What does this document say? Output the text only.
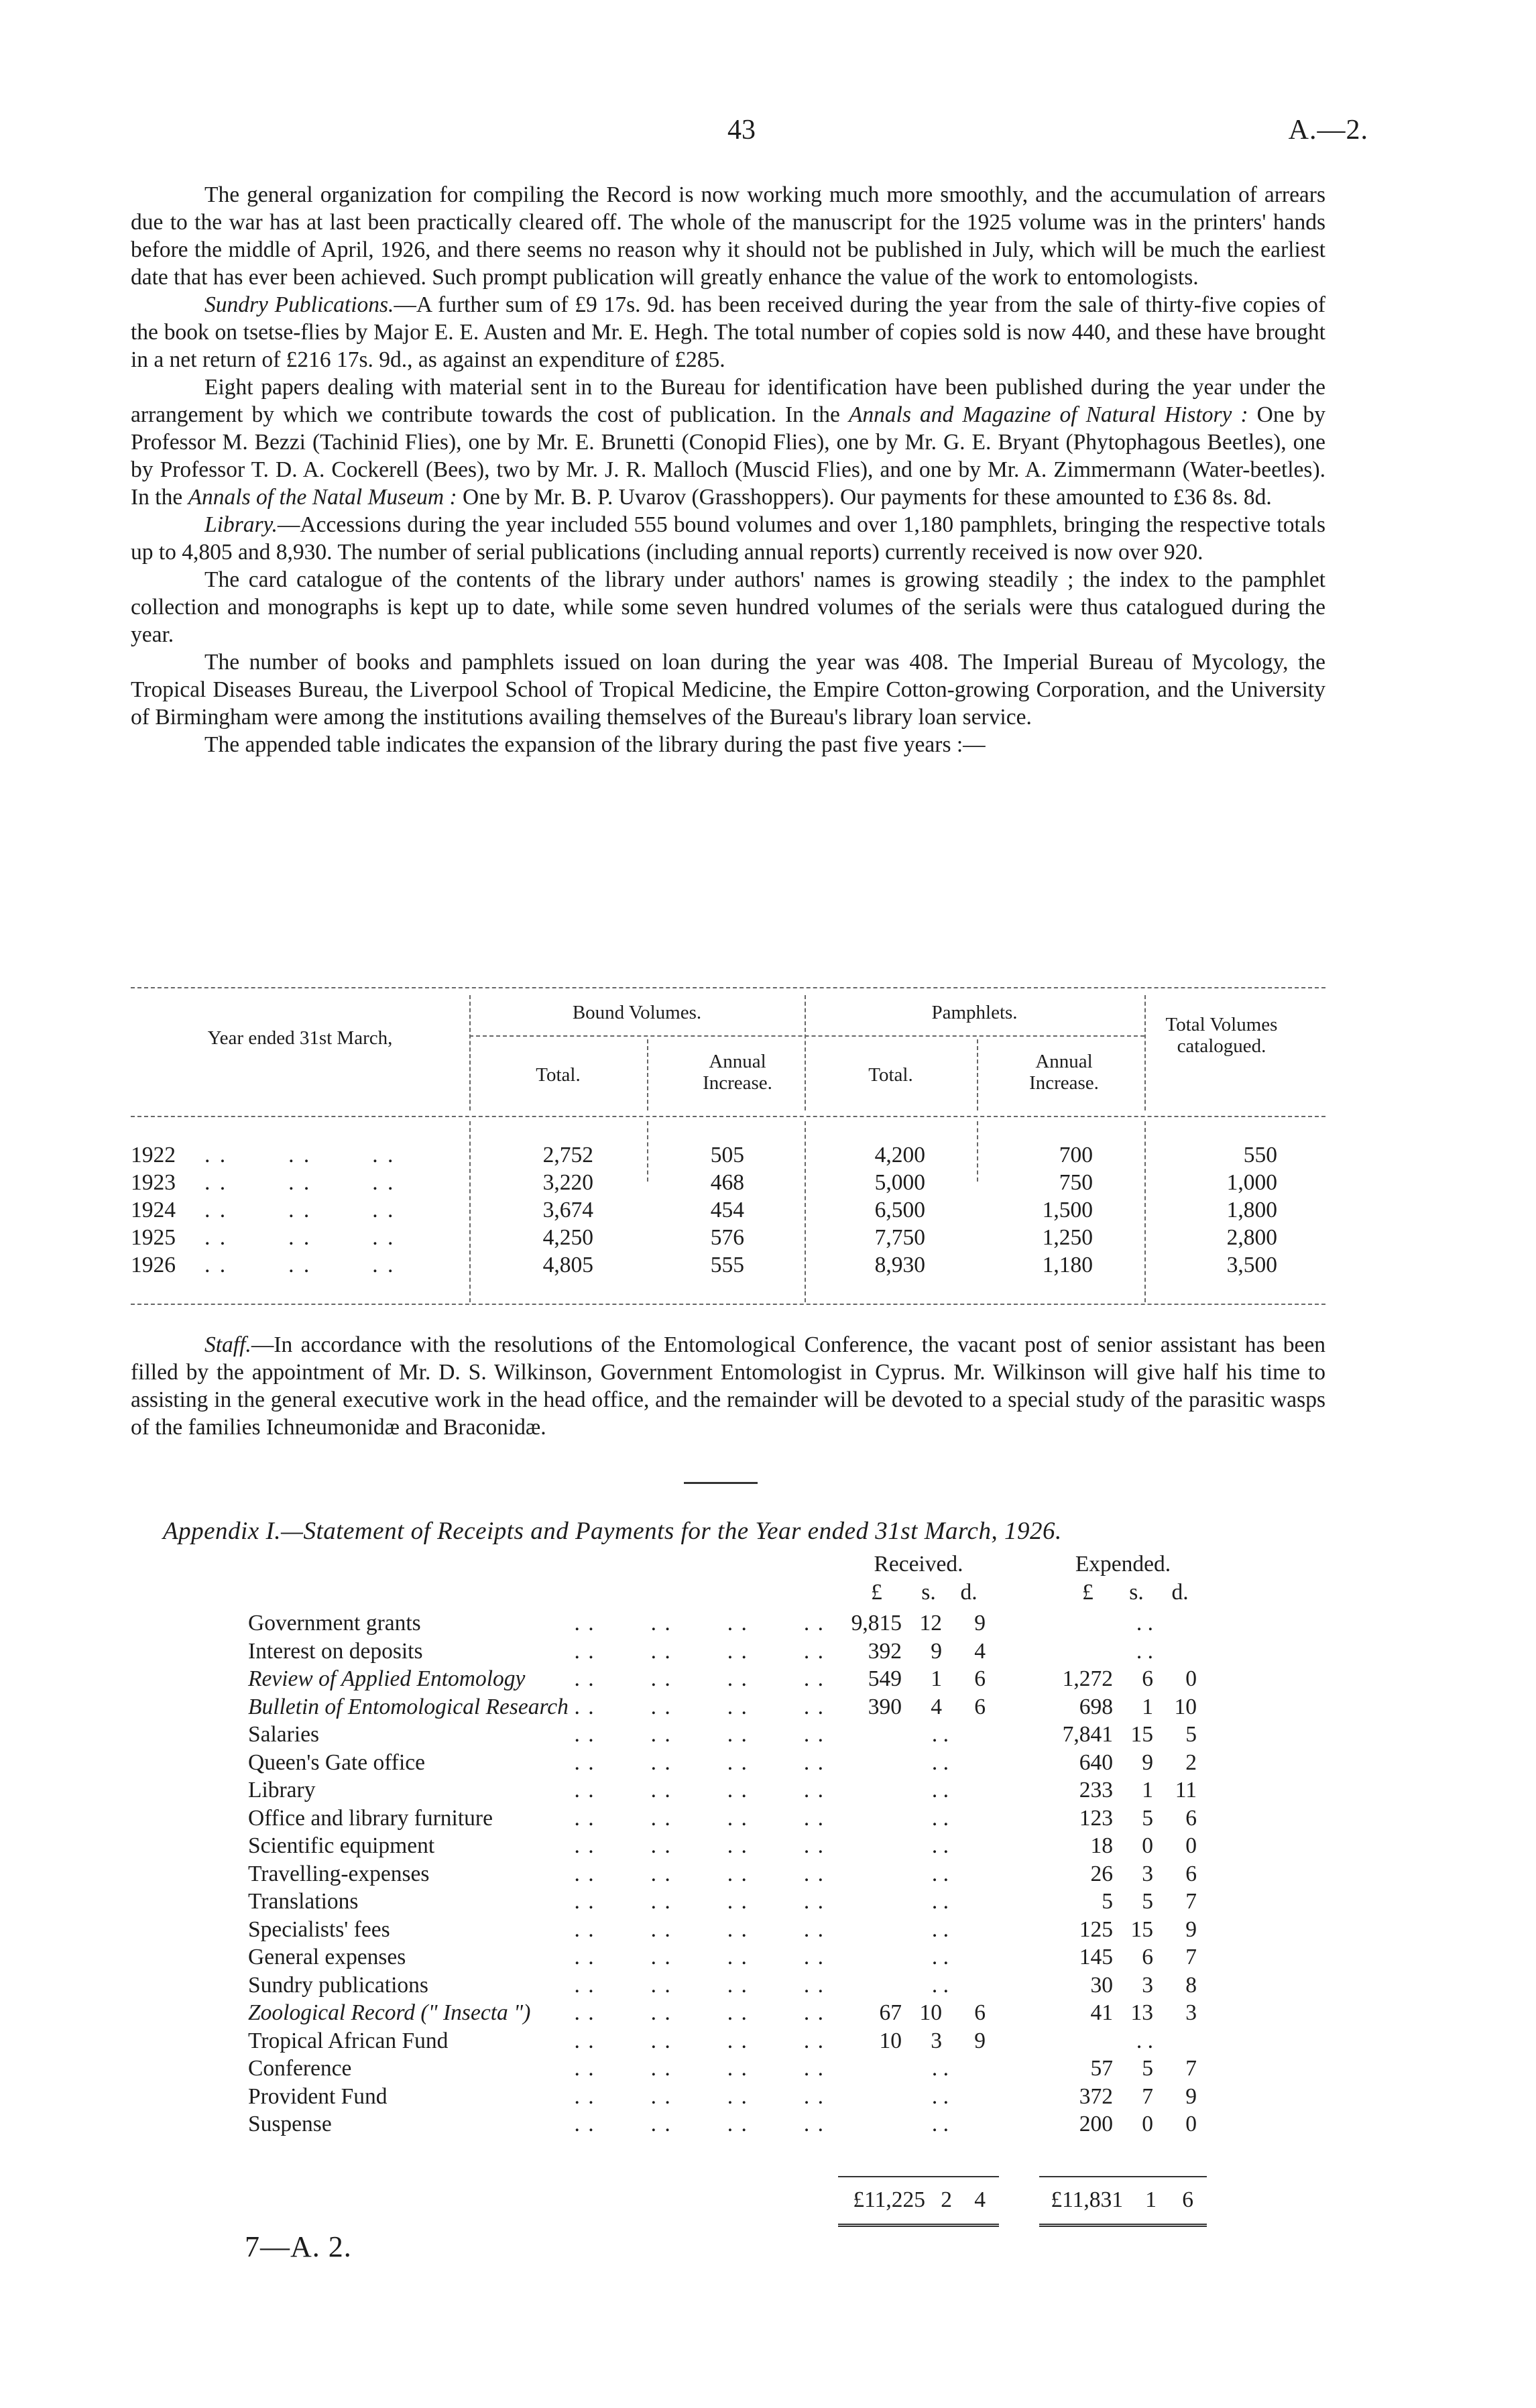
43	A.—2.

The general organization for compiling the Record is now working much more smoothly, and the accumulation of arrears due to the war has at last been practically cleared off. The whole of the manuscript for the 1925 volume was in the printers' hands before the middle of April, 1926, and there seems no reason why it should not be published in July, which will be much the earliest date that has ever been achieved. Such prompt publication will greatly enhance the value of the work to entomologists.

Sundry Publications.—A further sum of £9 17s. 9d. has been received during the year from the sale of thirty-five copies of the book on tsetse-flies by Major E. E. Austen and Mr. E. Hegh. The total number of copies sold is now 440, and these have brought in a net return of £216 17s. 9d., as against an expenditure of £285.

Eight papers dealing with material sent in to the Bureau for identification have been published during the year under the arrangement by which we contribute towards the cost of publication. In the Annals and Magazine of Natural History : One by Professor M. Bezzi (Tachinid Flies), one by Mr. E. Brunetti (Conopid Flies), one by Mr. G. E. Bryant (Phytophagous Beetles), one by Professor T. D. A. Cockerell (Bees), two by Mr. J. R. Malloch (Muscid Flies), and one by Mr. A. Zimmermann (Water-beetles). In the Annals of the Natal Museum : One by Mr. B. P. Uvarov (Grasshoppers). Our payments for these amounted to £36 8s. 8d.

Library.—Accessions during the year included 555 bound volumes and over 1,180 pamphlets, bringing the respective totals up to 4,805 and 8,930. The number of serial publications (including annual reports) currently received is now over 920.

The card catalogue of the contents of the library under authors' names is growing steadily ; the index to the pamphlet collection and monographs is kept up to date, while some seven hundred volumes of the serials were thus catalogued during the year.

The number of books and pamphlets issued on loan during the year was 408. The Imperial Bureau of Mycology, the Tropical Diseases Bureau, the Liverpool School of Tropical Medicine, the Empire Cotton-growing Corporation, and the University of Birmingham were among the institutions availing themselves of the Bureau's library loan service.

The appended table indicates the expansion of the library during the past five years :—

Year ended 31st March,
Bound Volumes.	Pamphlets.
Total Volumes catalogued.
Total.
Annual Increase.	Total.
Annual Increase.
1922 . .        . .        . .	2,752	505	4,200	700	550
1923 . .        . .        . .	3,220	468	5,000	750	1,000
1924 . .        . .        . .	3,674	454	6,500	1,500	1,800
1925 . .        . .        . .	4,250	576	7,750	1,250	2,800
1926 . .        . .        . .	4,805	555	8,930	1,180	3,500

Staff.—In accordance with the resolutions of the Entomological Conference, the vacant post of senior assistant has been filled by the appointment of Mr. D. S. Wilkinson, Government Entomologist in Cyprus. Mr. Wilkinson will give half his time to assisting in the general executive work in the head office, and the remainder will be devoted to a special study of the parasitic wasps of the families Ichneumonidæ and Braconidæ.

Appendix I.—Statement of Receipts and Payments for the Year ended 31st March, 1926.
Received.	Expended.
£	s.	d.	£	s.	d.
Government grants	. .        . .        . .        . .	9,815 12	9	. .
Interest on deposits	. .        . .        . .        . .	392	9	4	. .
Review of Applied Entomology	. .        . .        . .        . .	549	1	6	1,272	6	0
Bulletin of Entomological Research . .        . .        . .        . .	390	4	6	698	1 10
Salaries	. .        . .        . .        . .	. .	7,841 15	5
Queen's Gate office	. .        . .        . .        . .	. .	640	9	2
Library	. .        . .        . .        . .	. .	233	1 11
Office and library furniture	. .        . .        . .        . .	. .	123	5	6
Scientific equipment	. .        . .        . .        . .	. .	18	0	0
Travelling-expenses	. .        . .        . .        . .	. .	26	3	6
Translations	. .        . .        . .        . .	. .	5	5	7
Specialists' fees	. .        . .        . .        . .	. .	125 15	9
General expenses	. .        . .        . .        . .	. .	145	6	7
Sundry publications	. .        . .        . .        . .	. .	30	3	8
Zoological Record (" Insecta ")	. .        . .        . .        . .	67 10	6	41 13	3
Tropical African Fund	. .        . .        . .        . .	10	3	9	. .
Conference	. .        . .        . .        . .	. .	57	5	7
Provident Fund	. .        . .        . .        . .	. .	372	7	9
Suspense	. .        . .        . .        . .	. .	200	0	0
£11,225 2 4	£11,831 1	6
7—A. 2.
